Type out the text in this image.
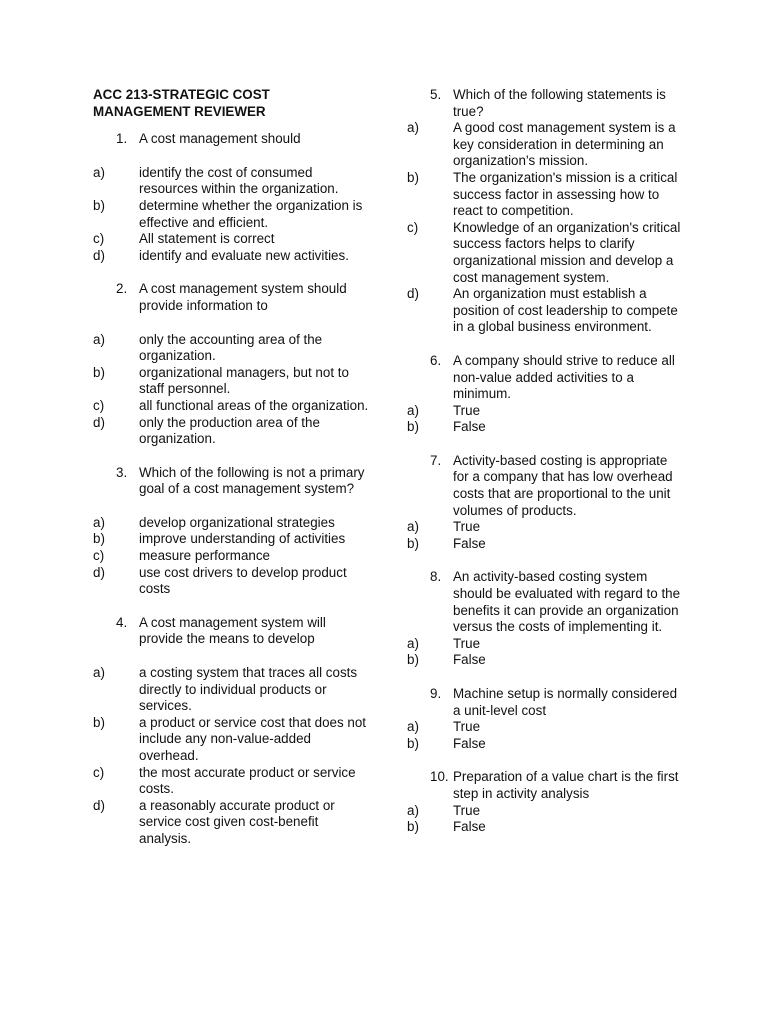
ACC 213-STRATEGIC COST MANAGEMENT REVIEWER
1. A cost management should
a)	identify the cost of consumed resources within the organization.
b)	determine whether the organization is effective and efficient.
c)	All statement is correct
d)	identify and evaluate new activities.
2. A cost management system should provide information to
a)	only the accounting area of the organization.
b)	organizational managers, but not to staff personnel.
c)	all functional areas of the organization.
d)	only the production area of the organization.
3. Which of the following is not a primary goal of a cost management system?
a)	develop organizational strategies
b)	improve understanding of activities
c)	measure performance
d)	use cost drivers to develop product costs
4. A cost management system will provide the means to develop
a)	a costing system that traces all costs directly to individual products or services.
b)	a product or service cost that does not include any non-value-added overhead.
c)	the most accurate product or service costs.
d)	a reasonably accurate product or service cost given cost-benefit analysis.
5. Which of the following statements is true?
a)	A good cost management system is a key consideration in determining an organization's mission.
b)	The organization's mission is a critical success factor in assessing how to react to competition.
c)	Knowledge of an organization's critical success factors helps to clarify organizational mission and develop a cost management system.
d)	An organization must establish a position of cost leadership to compete in a global business environment.
6. A company should strive to reduce all non-value added activities to a minimum.
a)	True
b)	False
7. Activity-based costing is appropriate for a company that has low overhead costs that are proportional to the unit volumes of products.
a)	True
b)	False
8. An activity-based costing system should be evaluated with regard to the benefits it can provide an organization versus the costs of implementing it.
a)	True
b)	False
9. Machine setup is normally considered a unit-level cost
a)	True
b)	False
10. Preparation of a value chart is the first step in activity analysis
a)	True
b)	False
